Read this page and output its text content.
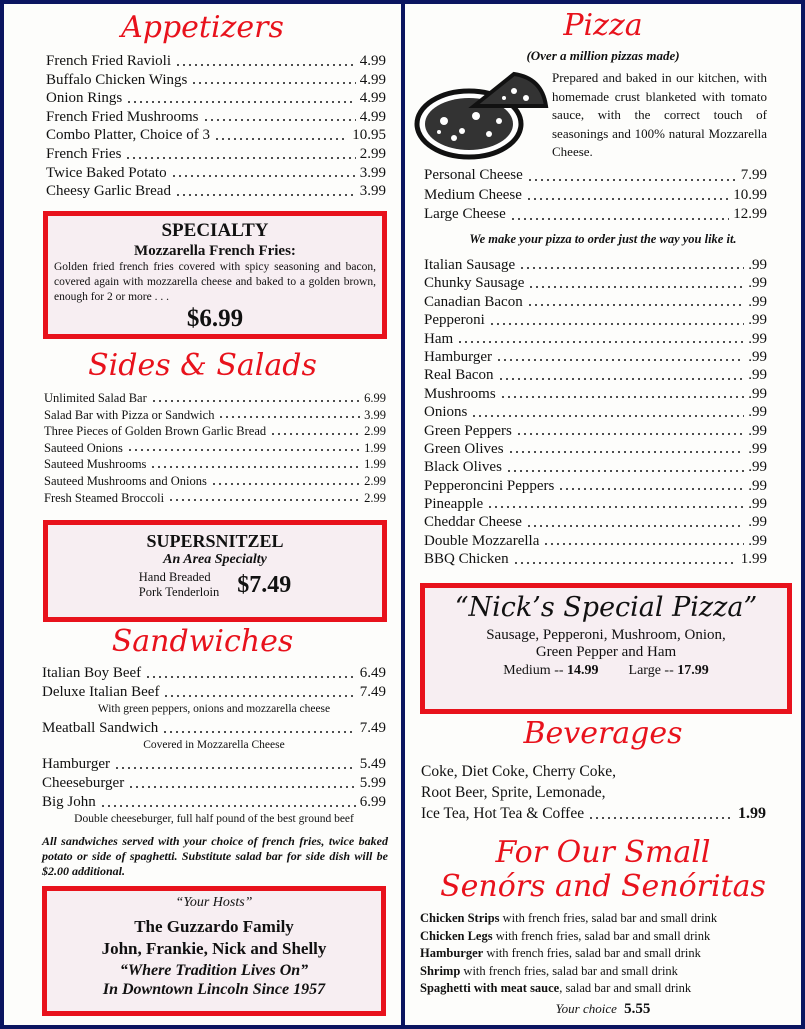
Appetizers
French Fried Ravioli	4.99
Buffalo Chicken Wings	4.99
Onion Rings	4.99
French Fried Mushrooms	4.99
Combo Platter, Choice of 3	10.95
French Fries	2.99
Twice Baked Potato	3.99
Cheesy Garlic Bread	3.99
SPECIALTY
Mozzarella French Fries:
Golden fried french fries covered with spicy seasoning and bacon, covered again with mozzarella cheese and baked to a golden brown, enough for 2 or more . . .
$6.99
Sides & Salads
Unlimited Salad Bar	6.99
Salad Bar with Pizza or Sandwich	3.99
Three Pieces of Golden Brown Garlic Bread	2.99
Sauteed Onions	1.99
Sauteed Mushrooms	1.99
Sauteed Mushrooms and Onions	2.99
Fresh Steamed Broccoli	2.99
SUPERSNITZEL
An Area Specialty
Hand Breaded
Pork Tenderloin $7.49
Sandwiches
Italian Boy Beef	6.49
Deluxe Italian Beef	7.49
With green peppers, onions and mozzarella cheese
Meatball Sandwich	7.49
Covered in Mozzarella Cheese
Hamburger	5.49
Cheeseburger	5.99
Big John	6.99
Double cheeseburger, full half pound of the best ground beef
All sandwiches served with your choice of french fries, twice baked potato or side of spaghetti. Substitute salad bar for side dish will be $2.00 additional.
“Your Hosts”
The Guzzardo Family
John, Frankie, Nick and Shelly
“Where Tradition Lives On”
In Downtown Lincoln Since 1957
Pizza
(Over a million pizzas made)
Prepared and baked in our kitchen, with homemade crust blanketed with tomato sauce, with the correct touch of seasonings and 100% natural Mozzarella Cheese.
Personal Cheese	7.99
Medium Cheese	10.99
Large Cheese	12.99
We make your pizza to order just the way you like it.
Italian Sausage	.99
Chunky Sausage	.99
Canadian Bacon	.99
Pepperoni	.99
Ham	.99
Hamburger	.99
Real Bacon	.99
Mushrooms	.99
Onions	.99
Green Peppers	.99
Green Olives	.99
Black Olives	.99
Pepperoncini Peppers	.99
Pineapple	.99
Cheddar Cheese	.99
Double Mozzarella	.99
BBQ Chicken	1.99
“Nick’s Special Pizza”
Sausage, Pepperoni, Mushroom, Onion,
Green Pepper and Ham
Medium -- 14.99 Large -- 17.99
Beverages
Coke, Diet Coke, Cherry Coke,
Root Beer, Sprite, Lemonade,
Ice Tea, Hot Tea & Coffee	1.99
For Our Small
Senórs and Senóritas
Chicken Strips with french fries, salad bar and small drink
Chicken Legs with french fries, salad bar and small drink
Hamburger with french fries, salad bar and small drink
Shrimp with french fries, salad bar and small drink
Spaghetti with meat sauce, salad bar and small drink
Your choice 5.55
